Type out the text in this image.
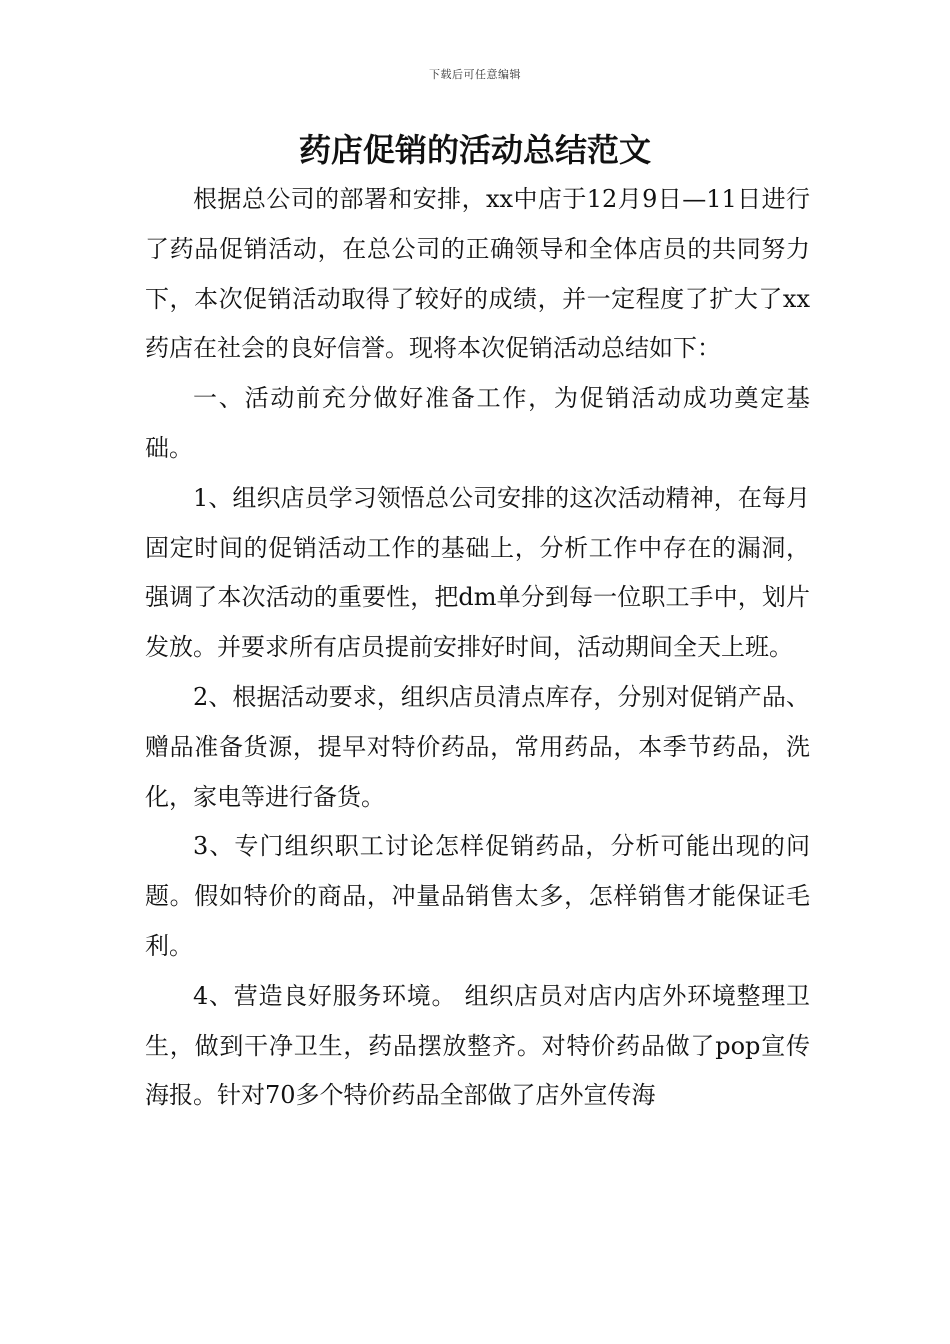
下载后可任意编辑
药店促销的活动总结范文

根据总公司的部署和安排，xx中店于12月9日—11日进行了药品促销活动，在总公司的正确领导和全体店员的共同努力下，本次促销活动取得了较好的成绩，并一定程度了扩大了xx药店在社会的良好信誉。现将本次促销活动总结如下：

一、活动前充分做好准备工作，为促销活动成功奠定基础。

1、组织店员学习领悟总公司安排的这次活动精神，在每月固定时间的促销活动工作的基础上，分析工作中存在的漏洞，强调了本次活动的重要性，把dm单分到每一位职工手中，划片发放。并要求所有店员提前安排好时间，活动期间全天上班。

2、根据活动要求，组织店员清点库存，分别对促销产品、赠品准备货源，提早对特价药品，常用药品，本季节药品，洗化，家电等进行备货。

3、专门组织职工讨论怎样促销药品，分析可能出现的问题。假如特价的商品，冲量品销售太多，怎样销售才能保证毛利。

4、营造良好服务环境。 组织店员对店内店外环境整理卫生，做到干净卫生，药品摆放整齐。对特价药品做了pop宣传海报。针对70多个特价药品全部做了店外宣传海
